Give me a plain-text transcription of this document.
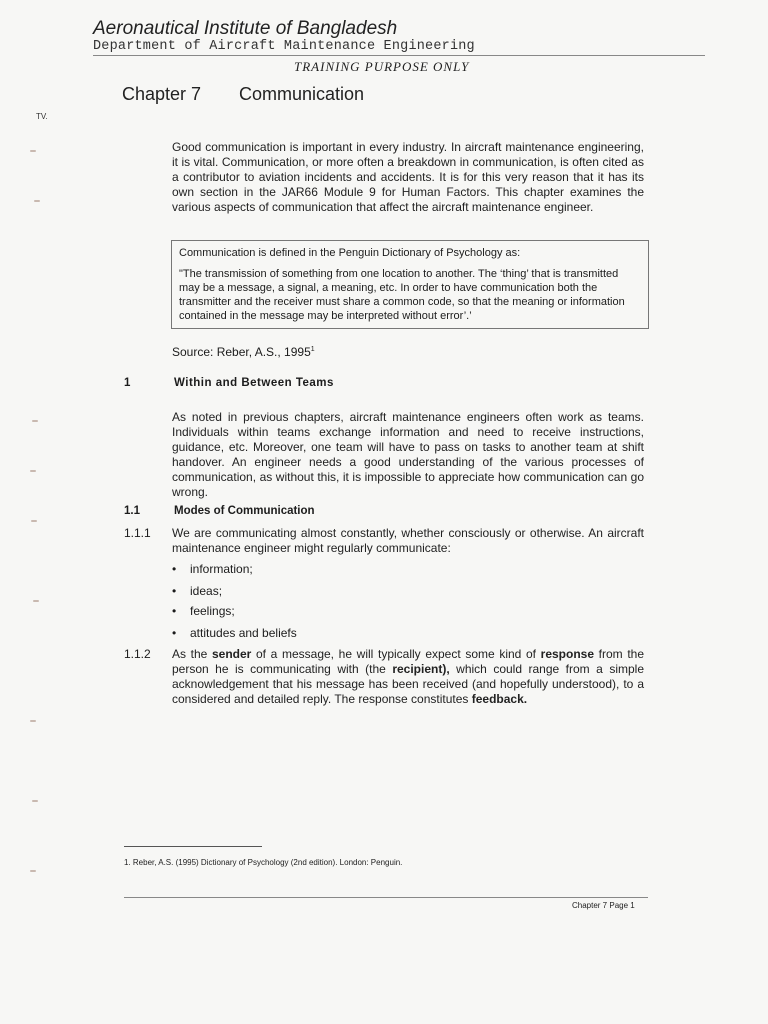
Aeronautical Institute of Bangladesh
Department of Aircraft Maintenance Engineering
TRAINING PURPOSE ONLY
Chapter 7 Communication
TV.
Good communication is important in every industry. In aircraft maintenance engineering, it is vital. Communication, or more often a breakdown in communication, is often cited as a contributor to aviation incidents and accidents. It is for this very reason that it has its own section in the JAR66 Module 9 for Human Factors. This chapter examines the various aspects of communication that affect the aircraft maintenance engineer.
Communication is defined in the Penguin Dictionary of Psychology as:
"The transmission of something from one location to another. The ‘thing’ that is transmitted may be a message, a signal, a meaning, etc. In order to have communication both the transmitter and the receiver must share a common code, so that the meaning or information contained in the message may be interpreted without error’.’
Source: Reber, A.S., 1995$^1$
1	Within and Between Teams
As noted in previous chapters, aircraft maintenance engineers often work as teams. Individuals within teams exchange information and need to receive instructions, guidance, etc. Moreover, one team will have to pass on tasks to another team at shift handover. An engineer needs a good understanding of the various processes of communication, as without this, it is impossible to appreciate how communication can go wrong.
1.1	Modes of Communication
1.1.1 We are communicating almost constantly, whether consciously or otherwise. An aircraft maintenance engineer might regularly communicate:
• information;
• ideas;
• feelings;
• attitudes and beliefs
1.1.2 As the sender of a message, he will typically expect some kind of response from the person he is communicating with (the recipient), which could range from a simple acknowledgement that his message has been received (and hopefully understood), to a considered and detailed reply. The response constitutes feedback.
1. Reber, A.S. (1995) Dictionary of Psychology (2nd edition). London: Penguin.
Chapter 7 Page 1
